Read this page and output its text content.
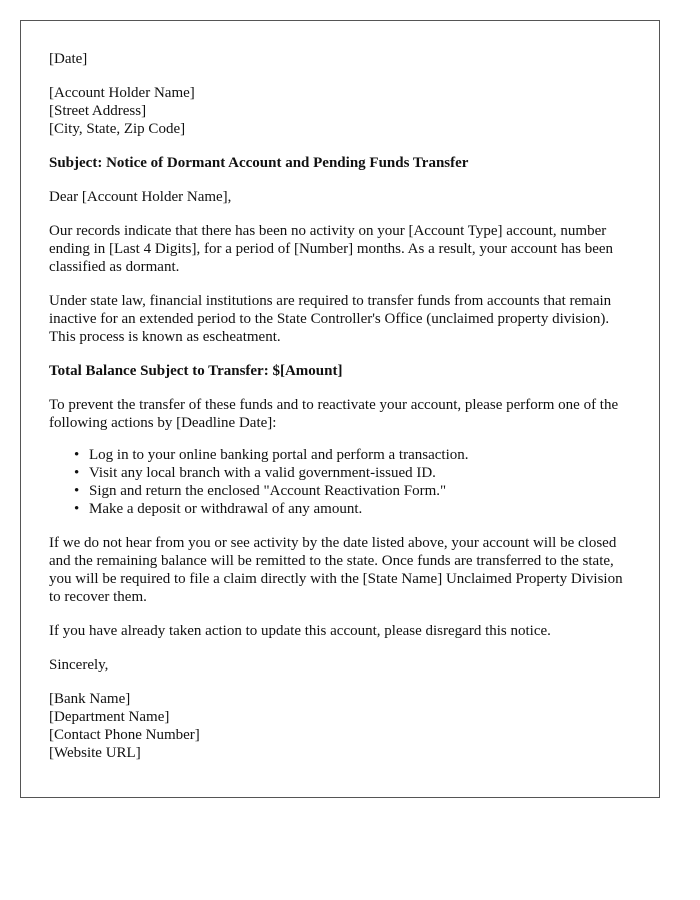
[Date]

[Account Holder Name]
[Street Address]
[City, State, Zip Code]

Subject: Notice of Dormant Account and Pending Funds Transfer

Dear [Account Holder Name],

Our records indicate that there has been no activity on your [Account Type] account, number ending in [Last 4 Digits], for a period of [Number] months. As a result, your account has been classified as dormant.

Under state law, financial institutions are required to transfer funds from accounts that remain inactive for an extended period to the State Controller's Office (unclaimed property division). This process is known as escheatment.

Total Balance Subject to Transfer: $[Amount]

To prevent the transfer of these funds and to reactivate your account, please perform one of the following actions by [Deadline Date]:

• Log in to your online banking portal and perform a transaction.
• Visit any local branch with a valid government-issued ID.
• Sign and return the enclosed "Account Reactivation Form."
• Make a deposit or withdrawal of any amount.

If we do not hear from you or see activity by the date listed above, your account will be closed and the remaining balance will be remitted to the state. Once funds are transferred to the state, you will be required to file a claim directly with the [State Name] Unclaimed Property Division to recover them.

If you have already taken action to update this account, please disregard this notice.

Sincerely,

[Bank Name]
[Department Name]
[Contact Phone Number]
[Website URL]
